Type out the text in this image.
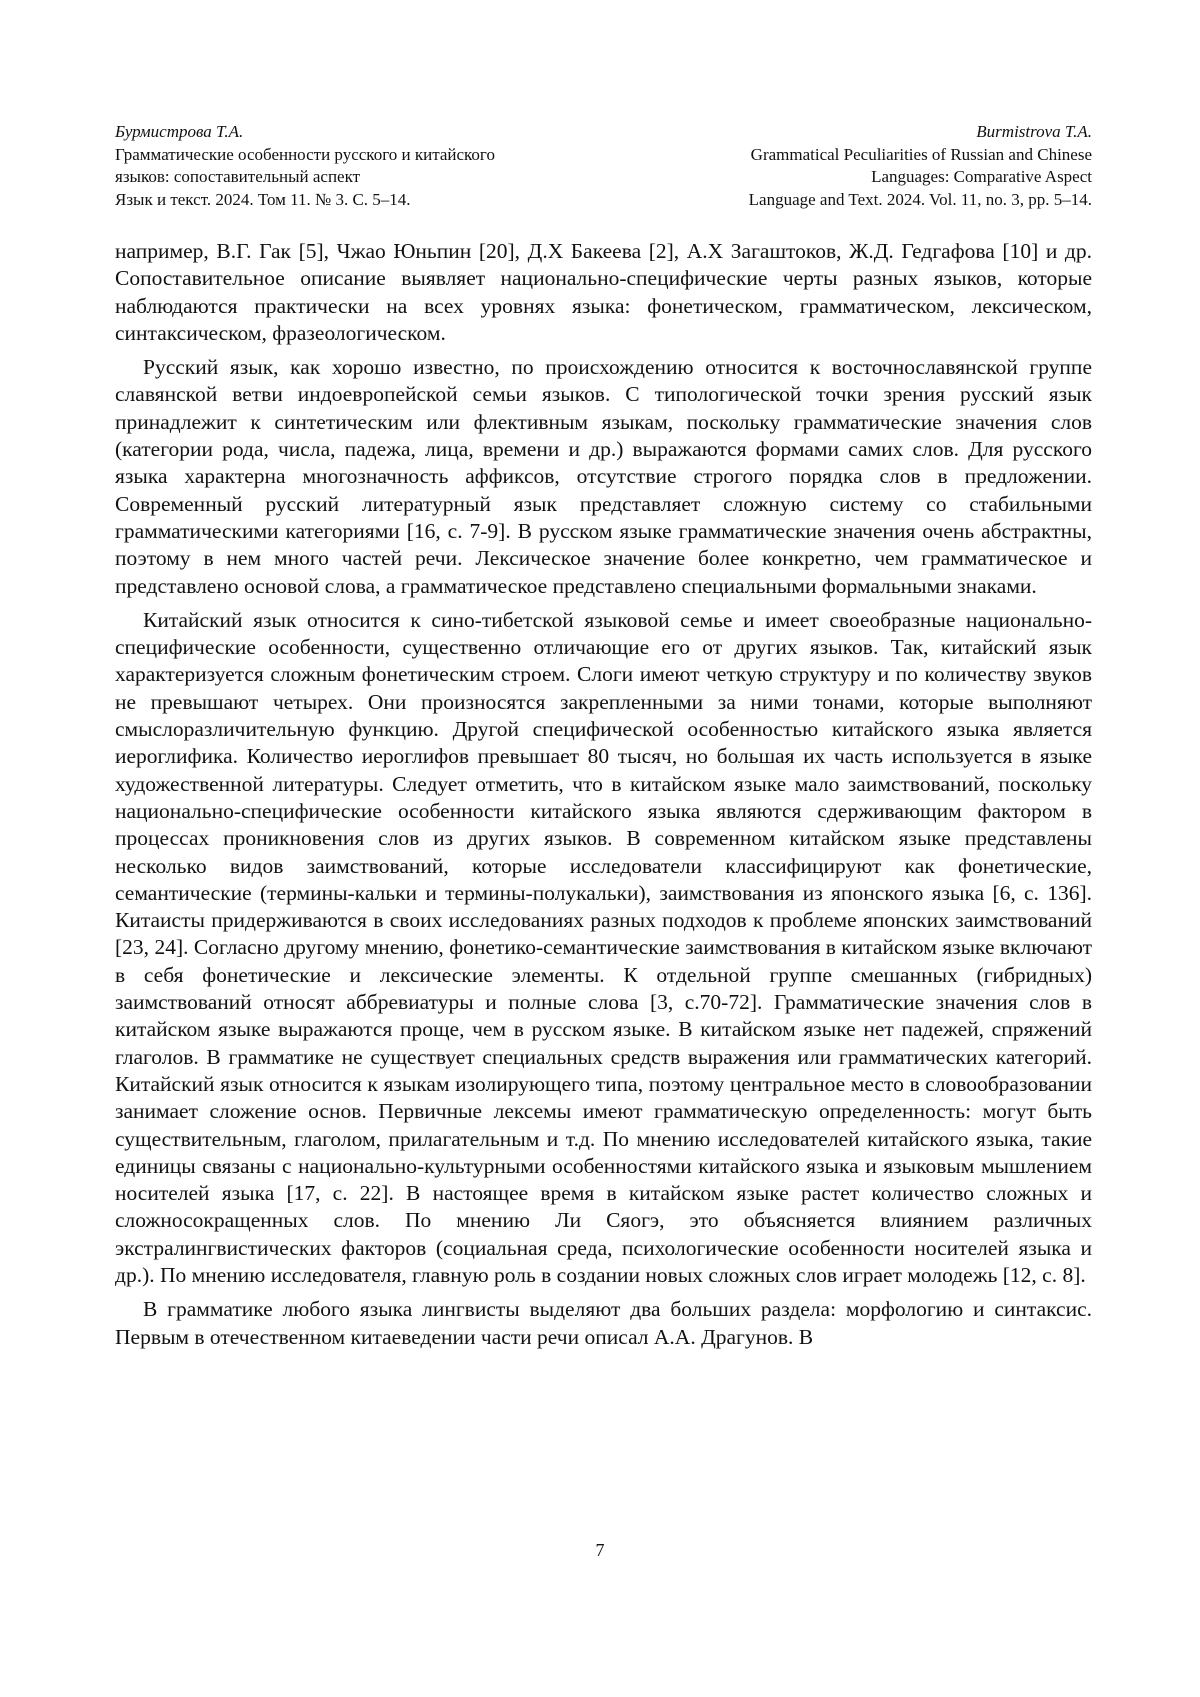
Бурмистрова Т.А.
Грамматические особенности русского и китайского
языков: сопоставительный аспект
Язык и текст. 2024. Том 11. № 3. С. 5–14.
Burmistrova T.A.
Grammatical Peculiarities of Russian and Chinese
Languages: Comparative Aspect
Language and Text. 2024. Vol. 11, no. 3, pp. 5–14.

например, В.Г. Гак [5], Чжао Юньпин [20], Д.Х Бакеева [2], А.Х Загаштоков, Ж.Д. Гедгафова [10] и др. Сопоставительное описание выявляет национально-специфические черты разных языков, которые наблюдаются практически на всех уровнях языка: фонетическом, грамматическом, лексическом, синтаксическом, фразеологическом.

Русский язык, как хорошо известно, по происхождению относится к восточнославянской группе славянской ветви индоевропейской семьи языков. С типологической точки зрения русский язык принадлежит к синтетическим или флективным языкам, поскольку грамматические значения слов (категории рода, числа, падежа, лица, времени и др.) выражаются формами самих слов. Для русского языка характерна многозначность аффиксов, отсутствие строгого порядка слов в предложении. Современный русский литературный язык представляет сложную систему со стабильными грамматическими категориями [16, с. 7-9]. В русском языке грамматические значения очень абстрактны, поэтому в нем много частей речи. Лексическое значение более конкретно, чем грамматическое и представлено основой слова, а грамматическое представлено специальными формальными знаками.

Китайский язык относится к сино-тибетской языковой семье и имеет своеобразные национально-специфические особенности, существенно отличающие его от других языков. Так, китайский язык характеризуется сложным фонетическим строем. Слоги имеют четкую структуру и по количеству звуков не превышают четырех. Они произносятся закрепленными за ними тонами, которые выполняют смыслоразличительную функцию. Другой специфической особенностью китайского языка является иероглифика. Количество иероглифов превышает 80 тысяч, но большая их часть используется в языке художественной литературы. Следует отметить, что в китайском языке мало заимствований, поскольку национально-специфические особенности китайского языка являются сдерживающим фактором в процессах проникновения слов из других языков. В современном китайском языке представлены несколько видов заимствований, которые исследователи классифицируют как фонетические, семантические (термины-кальки и термины-полукальки), заимствования из японского языка [6, с. 136]. Китаисты придерживаются в своих исследованиях разных подходов к проблеме японских заимствований [23, 24]. Согласно другому мнению, фонетико-семантические заимствования в китайском языке включают в себя фонетические и лексические элементы. К отдельной группе смешанных (гибридных) заимствований относят аббревиатуры и полные слова [3, с.70-72]. Грамматические значения слов в китайском языке выражаются проще, чем в русском языке. В китайском языке нет падежей, спряжений глаголов. В грамматике не существует специальных средств выражения или грамматических категорий. Китайский язык относится к языкам изолирующего типа, поэтому центральное место в словообразовании занимает сложение основ. Первичные лексемы имеют грамматическую определенность: могут быть существительным, глаголом, прилагательным и т.д. По мнению исследователей китайского языка, такие единицы связаны с национально-культурными особенностями китайского языка и языковым мышлением носителей языка [17, с. 22]. В настоящее время в китайском языке растет количество сложных и сложносокращенных слов. По мнению Ли Сяогэ, это объясняется влиянием различных экстралингвистических факторов (социальная среда, психологические особенности носителей языка и др.). По мнению исследователя, главную роль в создании новых сложных слов играет молодежь [12, с. 8].

В грамматике любого языка лингвисты выделяют два больших раздела: морфологию и синтаксис. Первым в отечественном китаеведении части речи описал А.А. Драгунов. В

7
